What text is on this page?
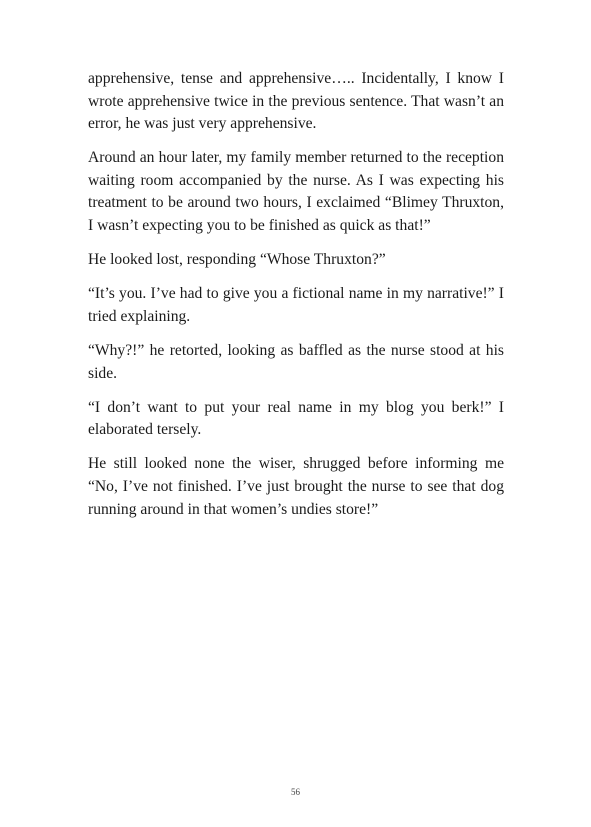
apprehensive, tense and apprehensive….. Incidentally, I know I wrote apprehensive twice in the previous sentence. That wasn’t an error, he was just very apprehensive.

Around an hour later, my family member returned to the reception waiting room accompanied by the nurse. As I was expecting his treatment to be around two hours, I exclaimed “Blimey Thruxton, I wasn’t expecting you to be finished as quick as that!”

He looked lost, responding “Whose Thruxton?”

“It’s you. I’ve had to give you a fictional name in my narrative!” I tried explaining.

“Why?!” he retorted, looking as baffled as the nurse stood at his side.

“I don’t want to put your real name in my blog you berk!” I elaborated tersely.

He still looked none the wiser, shrugged before informing me “No, I’ve not finished. I’ve just brought the nurse to see that dog running around in that women’s undies store!”

56
